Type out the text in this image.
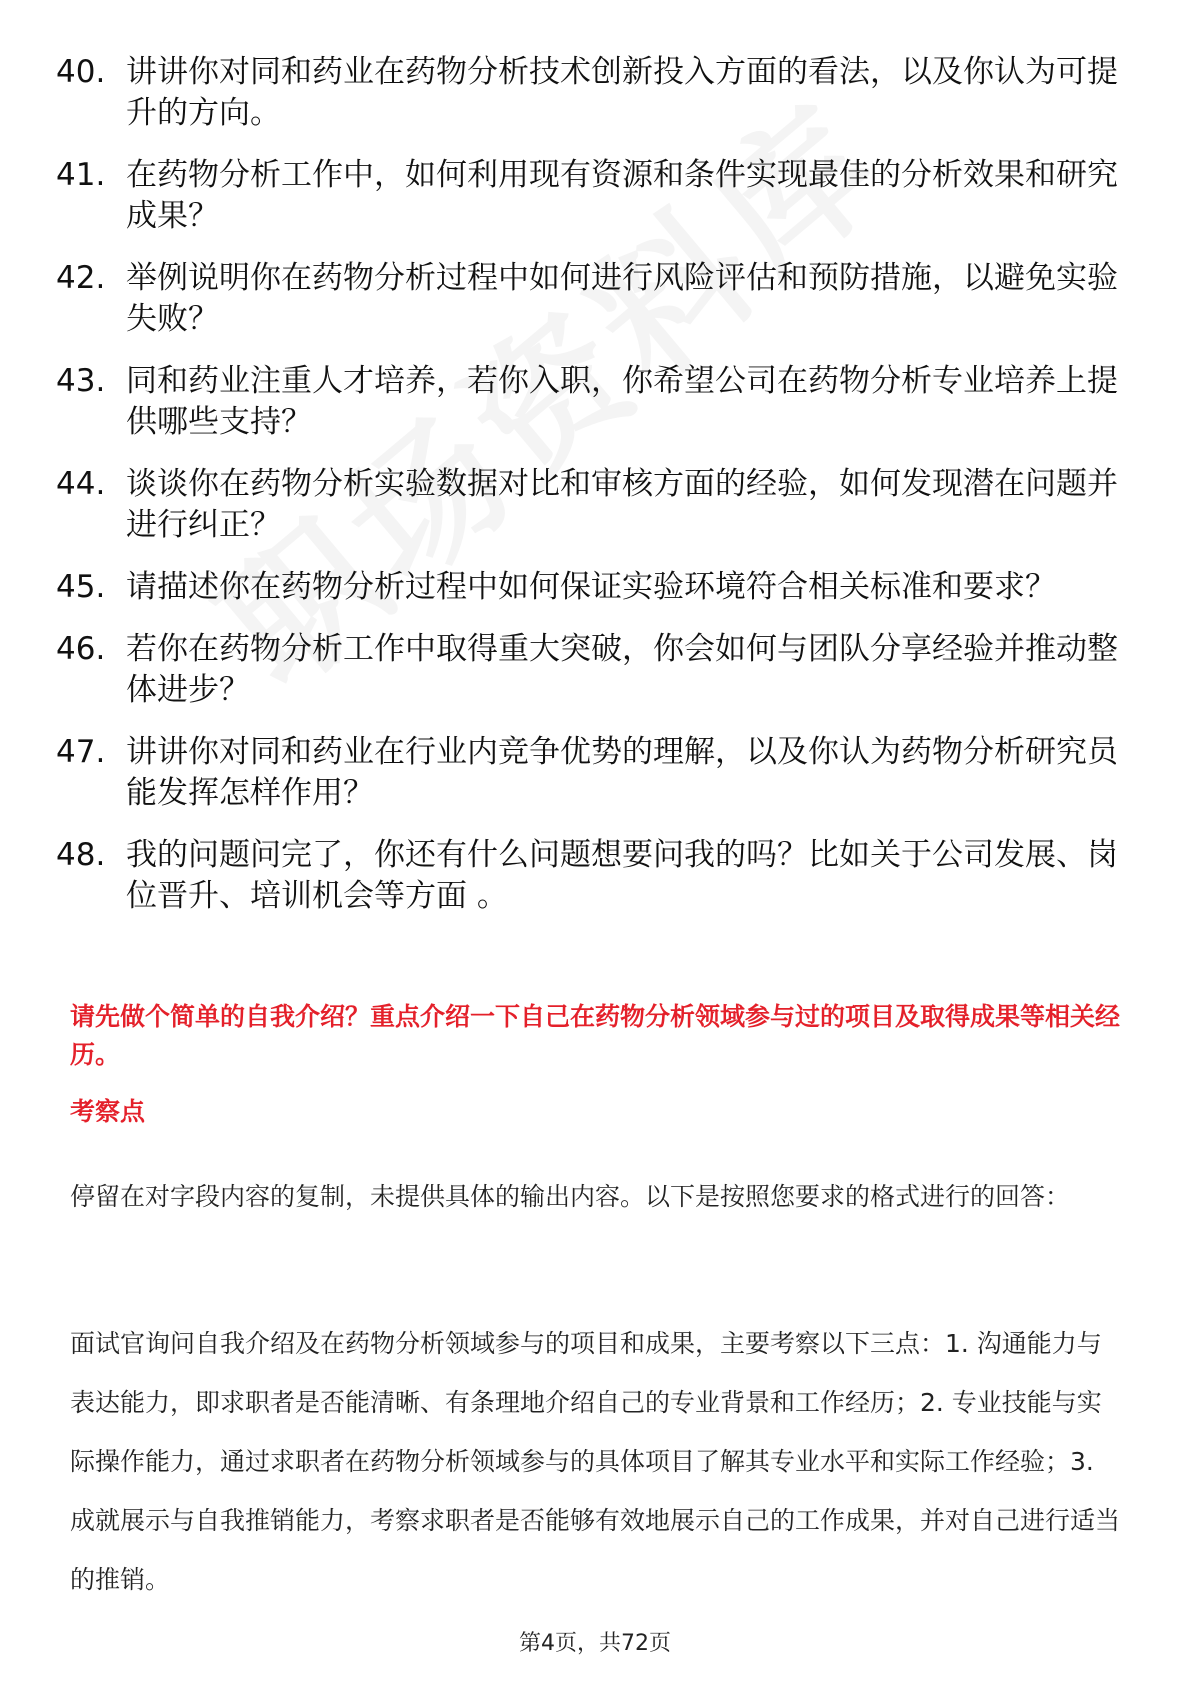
40. 讲讲你对同和药业在药物分析技术创新投入方面的看法，以及你认为可提升的方向。
41. 在药物分析工作中，如何利用现有资源和条件实现最佳的分析效果和研究成果？
42. 举例说明你在药物分析过程中如何进行风险评估和预防措施，以避免实验失败？
43. 同和药业注重人才培养，若你入职，你希望公司在药物分析专业培养上提供哪些支持？
44. 谈谈你在药物分析实验数据对比和审核方面的经验，如何发现潜在问题并进行纠正？
45. 请描述你在药物分析过程中如何保证实验环境符合相关标准和要求？
46. 若你在药物分析工作中取得重大突破，你会如何与团队分享经验并推动整体进步？
47. 讲讲你对同和药业在行业内竞争优势的理解，以及你认为药物分析研究员能发挥怎样作用？
48. 我的问题问完了，你还有什么问题想要问我的吗？比如关于公司发展、岗位晋升、培训机会等方面 。

请先做个简单的自我介绍？重点介绍一下自己在药物分析领域参与过的项目及取得成果等相关经历。

考察点

停留在对字段内容的复制，未提供具体的输出内容。以下是按照您要求的格式进行的回答：

面试官询问自我介绍及在药物分析领域参与的项目和成果，主要考察以下三点：1. 沟通能力与表达能力，即求职者是否能清晰、有条理地介绍自己的专业背景和工作经历；2. 专业技能与实际操作能力，通过求职者在药物分析领域参与的具体项目了解其专业水平和实际工作经验；3. 成就展示与自我推销能力，考察求职者是否能够有效地展示自己的工作成果，并对自己进行适当的推销。

第4页，共72页
